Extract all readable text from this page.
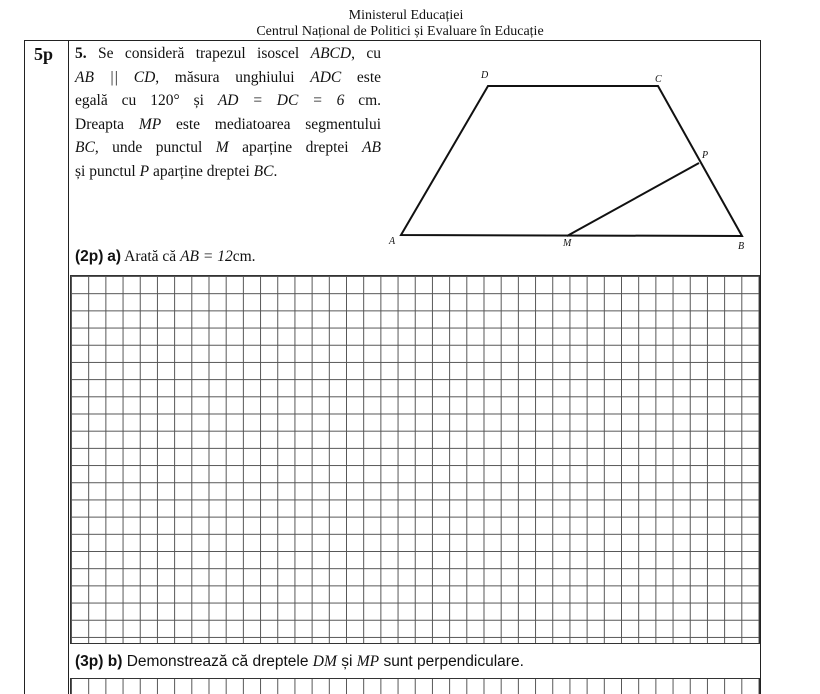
Ministerul Educației
Centrul Național de Politici și Evaluare în Educație
5p 5. Se consideră trapezul isoscel ABCD, cu

AB || CD, măsura unghiului ADC este

egală cu 120° și AD = DC = 6 cm.

Dreapta MP este mediatoarea segmentului

BC, unde punctul M aparține dreptei AB

și punctul P aparține dreptei BC.

A	B
C
D
M
P
(2p) a) Arată că AB = 12cm.
(3p) b) Demonstrează că dreptele DM și MP sunt perpendiculare.
